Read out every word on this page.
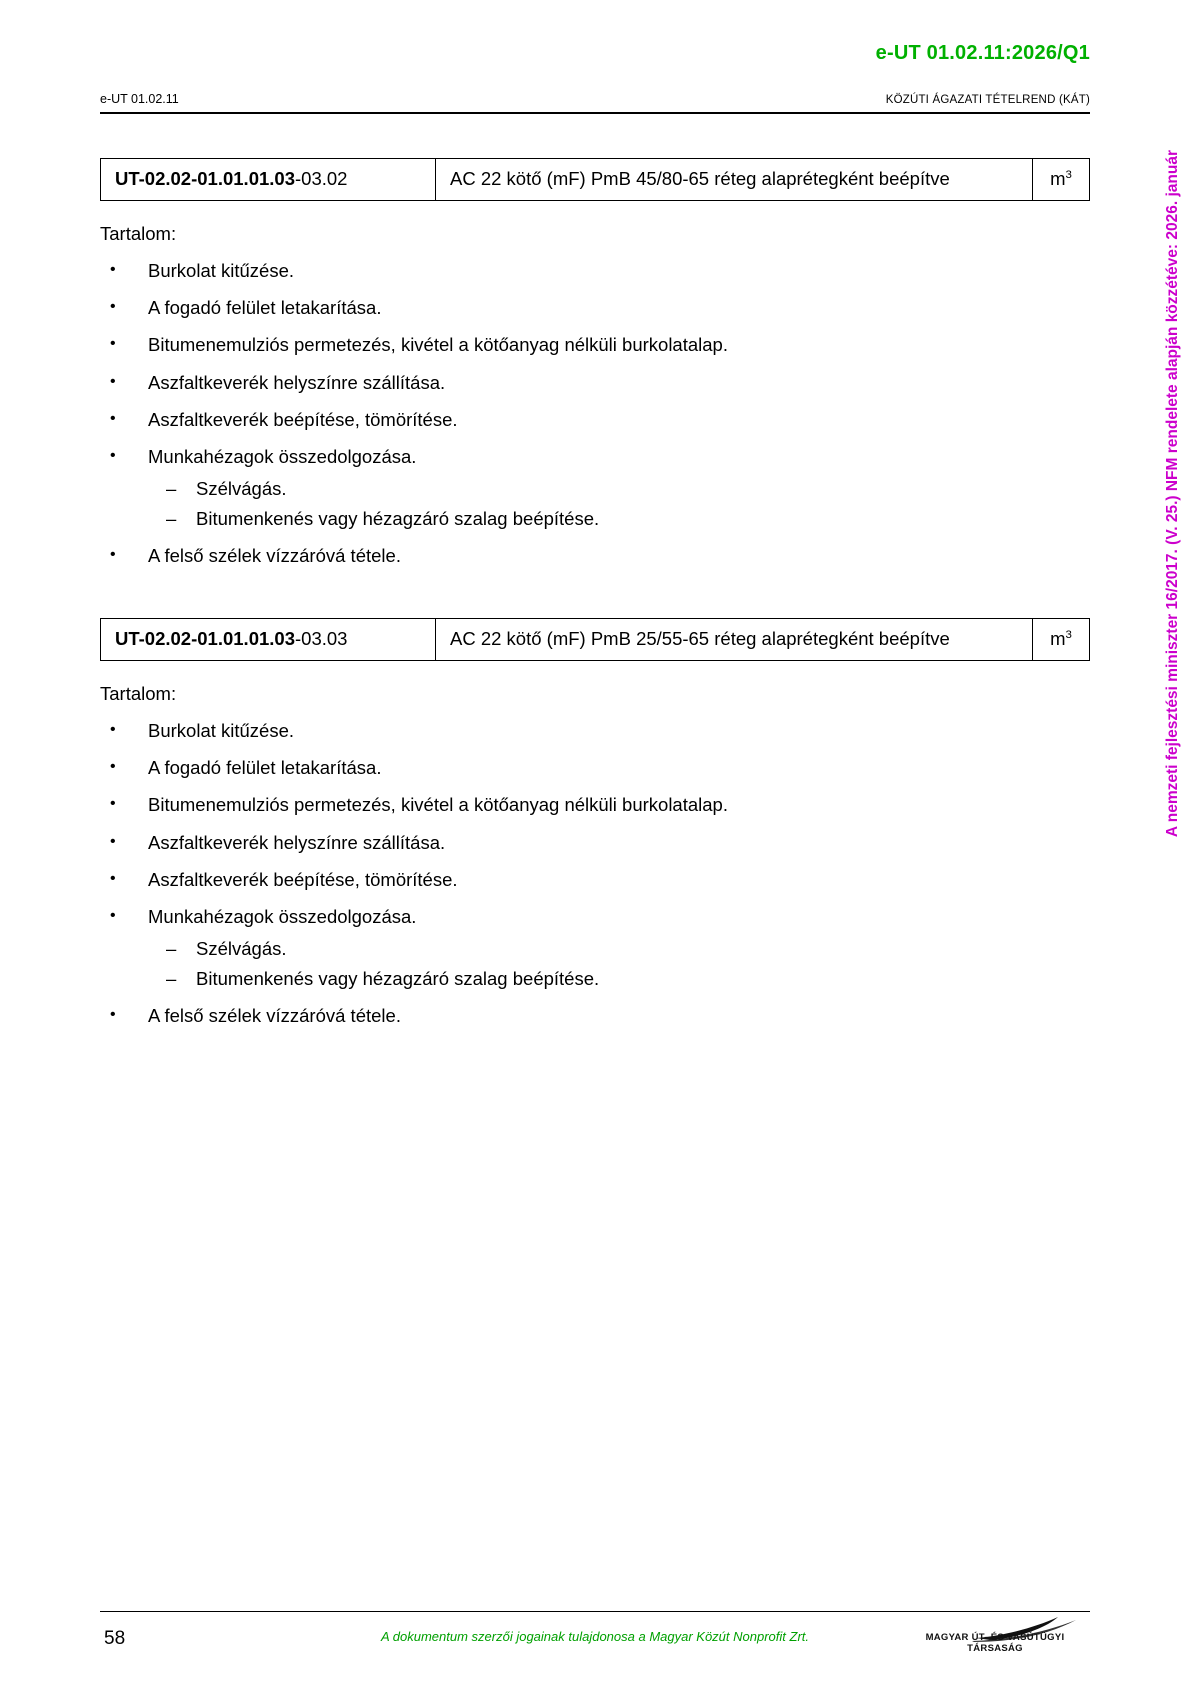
e-UT 01.02.11:2026/Q1
e-UT 01.02.11	KÖZÚTI ÁGAZATI TÉTELREND (KÁT)
A nemzeti fejlesztési miniszter 16/2017. (V. 25.) NFM rendelete alapján közzétéve: 2026. január
UT-02.02-01.01.01.03-03.02	AC 22 kötő (mF) PmB 45/80-65 réteg alaprétegként beépítve	$m^3$
Tartalom:
• Burkolat kitűzése.
• A fogadó felület letakarítása.
• Bitumenemulziós permetezés, kivétel a kötőanyag nélküli burkolatalap.
• Aszfaltkeverék helyszínre szállítása.
• Aszfaltkeverék beépítése, tömörítése.
• Munkahézagok összedolgozása.
– Szélvágás.
– Bitumenkenés vagy hézagzáró szalag beépítése.
• A felső szélek vízzáróvá tétele.
UT-02.02-01.01.01.03-03.03	AC 22 kötő (mF) PmB 25/55-65 réteg alaprétegként beépítve	$m^3$
Tartalom:
• Burkolat kitűzése.
• A fogadó felület letakarítása.
• Bitumenemulziós permetezés, kivétel a kötőanyag nélküli burkolatalap.
• Aszfaltkeverék helyszínre szállítása.
• Aszfaltkeverék beépítése, tömörítése.
• Munkahézagok összedolgozása.
– Szélvágás.
– Bitumenkenés vagy hézagzáró szalag beépítése.
• A felső szélek vízzáróvá tétele.
58	A dokumentum szerzői jogainak tulajdonosa a Magyar Közút Nonprofit Zrt.	MAGYAR ÚT- ÉS VASÚTÜGYI TÁRSASÁG
